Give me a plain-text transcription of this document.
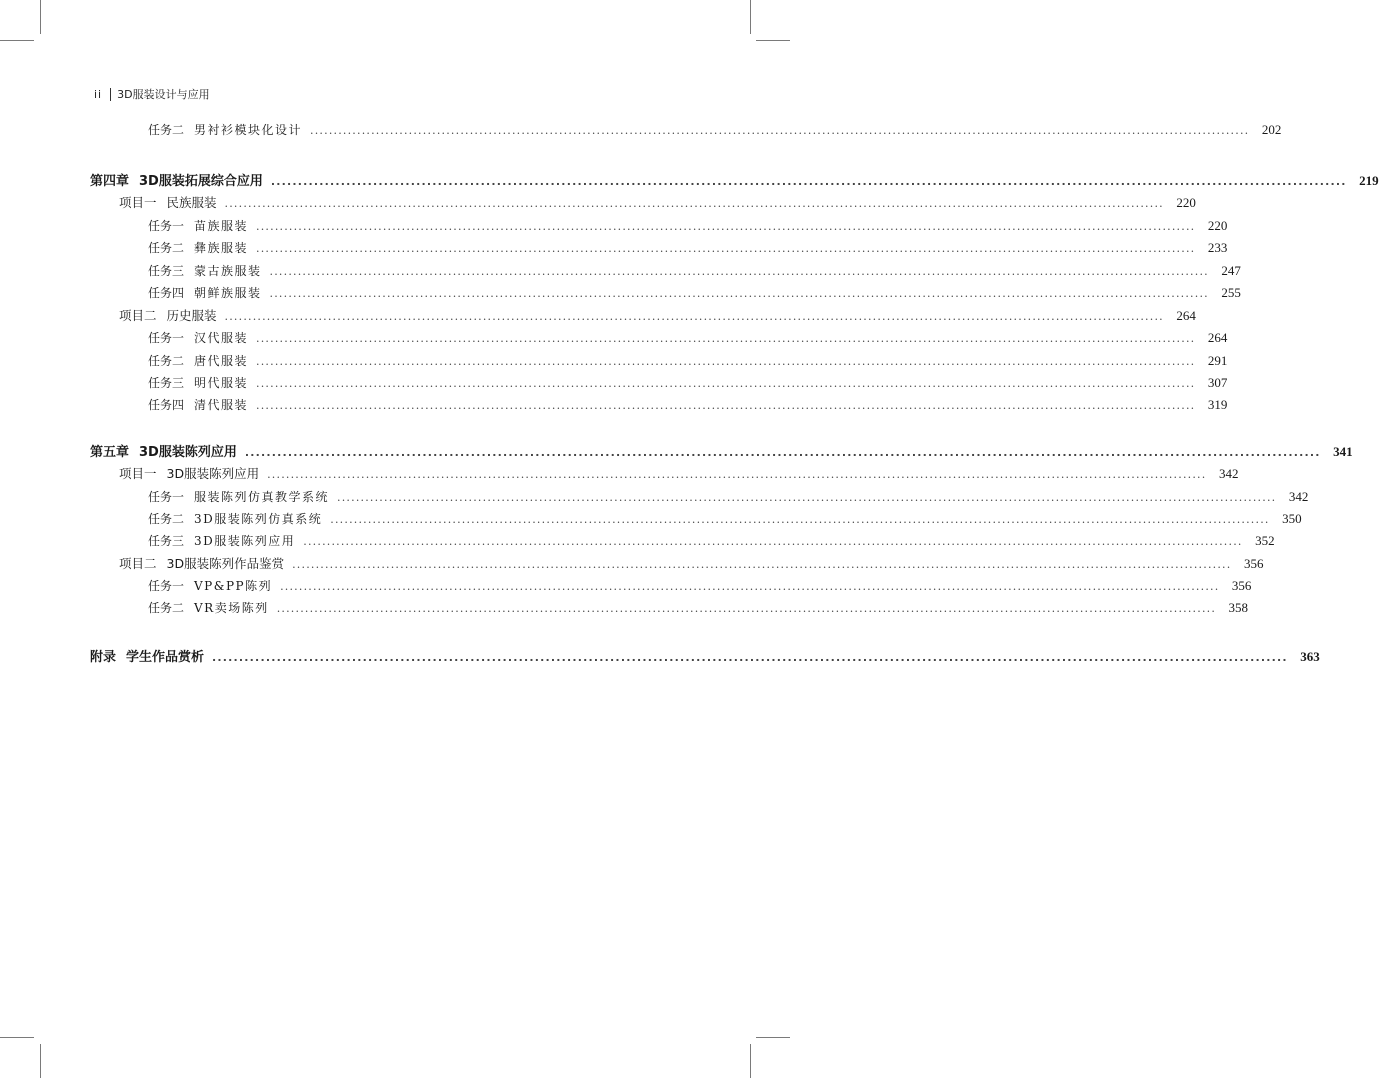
ii 3D服装设计与应用
任务二 男衬衫模块化设计 ........................................................................................................................................................................................................ 202
第四章 3D服装拓展综合应用 ........................................................................................................................................................................................................ 219
项目一 民族服装 ........................................................................................................................................................................................................ 220
任务一 苗族服装 ........................................................................................................................................................................................................ 220
任务二 彝族服装 ........................................................................................................................................................................................................ 233
任务三 蒙古族服装 ........................................................................................................................................................................................................ 247
任务四 朝鲜族服装 ........................................................................................................................................................................................................ 255
项目二 历史服装 ........................................................................................................................................................................................................ 264
任务一 汉代服装 ........................................................................................................................................................................................................ 264
任务二 唐代服装 ........................................................................................................................................................................................................ 291
任务三 明代服装 ........................................................................................................................................................................................................ 307
任务四 清代服装 ........................................................................................................................................................................................................ 319
第五章 3D服装陈列应用 ........................................................................................................................................................................................................ 341
项目一 3D服装陈列应用 ........................................................................................................................................................................................................ 342
任务一 服装陈列仿真教学系统 ........................................................................................................................................................................................................ 342
任务二 3D服装陈列仿真系统 ........................................................................................................................................................................................................ 350
任务三 3D服装陈列应用 ........................................................................................................................................................................................................ 352
项目二 3D服装陈列作品鉴赏 ........................................................................................................................................................................................................ 356
任务一 VP&PP陈列 ........................................................................................................................................................................................................ 356
任务二 VR卖场陈列 ........................................................................................................................................................................................................ 358
附录 学生作品赏析 ........................................................................................................................................................................................................ 363
